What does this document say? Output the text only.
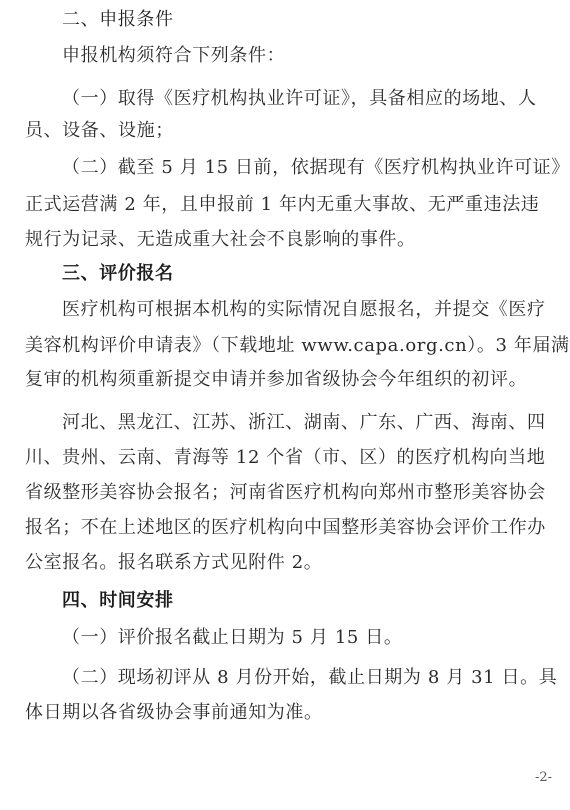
二、申报条件
申报机构须符合下列条件：
（一）取得《医疗机构执业许可证》，具备相应的场地、人
员、设备、设施；
（二）截至 5 月 15 日前，依据现有《医疗机构执业许可证》
正式运营满 2 年，且申报前 1 年内无重大事故、无严重违法违
规行为记录、无造成重大社会不良影响的事件。
三、评价报名
医疗机构可根据本机构的实际情况自愿报名，并提交《医疗
美容机构评价申请表》（下载地址 www.capa.org.cn）。3 年届满
复审的机构须重新提交申请并参加省级协会今年组织的初评。
河北、黑龙江、江苏、浙江、湖南、广东、广西、海南、四
川、贵州、云南、青海等 12 个省（市、区）的医疗机构向当地
省级整形美容协会报名；河南省医疗机构向郑州市整形美容协会
报名；不在上述地区的医疗机构向中国整形美容协会评价工作办
公室报名。报名联系方式见附件 2。
四、时间安排
（一）评价报名截止日期为 5 月 15 日。
（二）现场初评从 8 月份开始，截止日期为 8 月 31 日。具
体日期以各省级协会事前通知为准。
-2-
